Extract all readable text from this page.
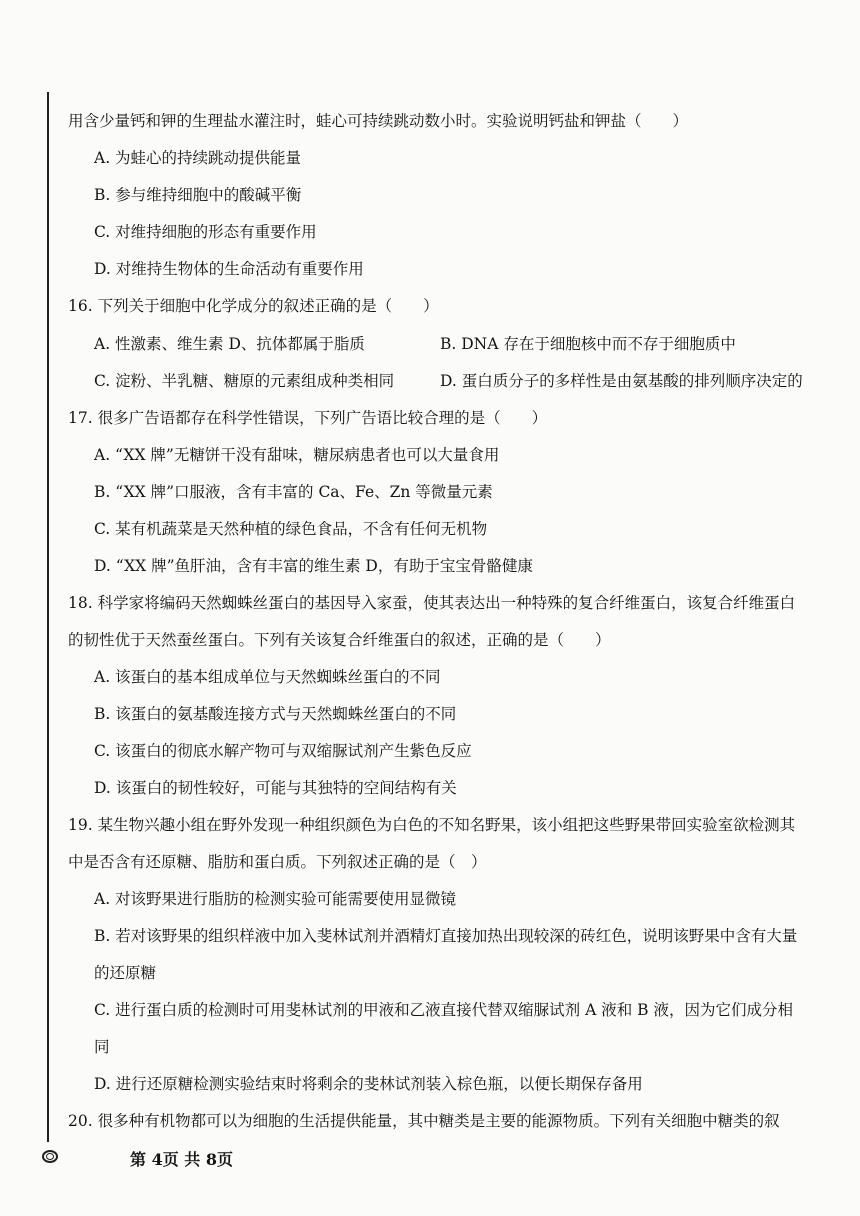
用含少量钙和钾的生理盐水灌注时，蛙心可持续跳动数小时。实验说明钙盐和钾盐（　　）
A. 为蛙心的持续跳动提供能量
B. 参与维持细胞中的酸碱平衡
C. 对维持细胞的形态有重要作用
D. 对维持生物体的生命活动有重要作用
16. 下列关于细胞中化学成分的叙述正确的是（　　）
A. 性激素、维生素 D、抗体都属于脂质	B. DNA 存在于细胞核中而不存于细胞质中
C. 淀粉、半乳糖、糖原的元素组成种类相同	D. 蛋白质分子的多样性是由氨基酸的排列顺序决定的
17. 很多广告语都存在科学性错误，下列广告语比较合理的是（　　）
A. “XX 牌”无糖饼干没有甜味，糖尿病患者也可以大量食用
B. “XX 牌”口服液，含有丰富的 Ca、Fe、Zn 等微量元素
C. 某有机蔬菜是天然种植的绿色食品，不含有任何无机物
D. “XX 牌”鱼肝油，含有丰富的维生素 D，有助于宝宝骨骼健康
18. 科学家将编码天然蜘蛛丝蛋白的基因导入家蚕，使其表达出一种特殊的复合纤维蛋白，该复合纤维蛋白
的韧性优于天然蚕丝蛋白。下列有关该复合纤维蛋白的叙述，正确的是（　　）
A. 该蛋白的基本组成单位与天然蜘蛛丝蛋白的不同
B. 该蛋白的氨基酸连接方式与天然蜘蛛丝蛋白的不同
C. 该蛋白的彻底水解产物可与双缩脲试剂产生紫色反应
D. 该蛋白的韧性较好，可能与其独特的空间结构有关
19. 某生物兴趣小组在野外发现一种组织颜色为白色的不知名野果，该小组把这些野果带回实验室欲检测其
中是否含有还原糖、脂肪和蛋白质。下列叙述正确的是（　）
A. 对该野果进行脂肪的检测实验可能需要使用显微镜
B. 若对该野果的组织样液中加入斐林试剂并酒精灯直接加热出现较深的砖红色，说明该野果中含有大量
的还原糖
C. 进行蛋白质的检测时可用斐林试剂的甲液和乙液直接代替双缩脲试剂 A 液和 B 液，因为它们成分相
同
D. 进行还原糖检测实验结束时将剩余的斐林试剂装入棕色瓶，以便长期保存备用
20. 很多种有机物都可以为细胞的生活提供能量，其中糖类是主要的能源物质。下列有关细胞中糖类的叙
第 4页 共 8页
